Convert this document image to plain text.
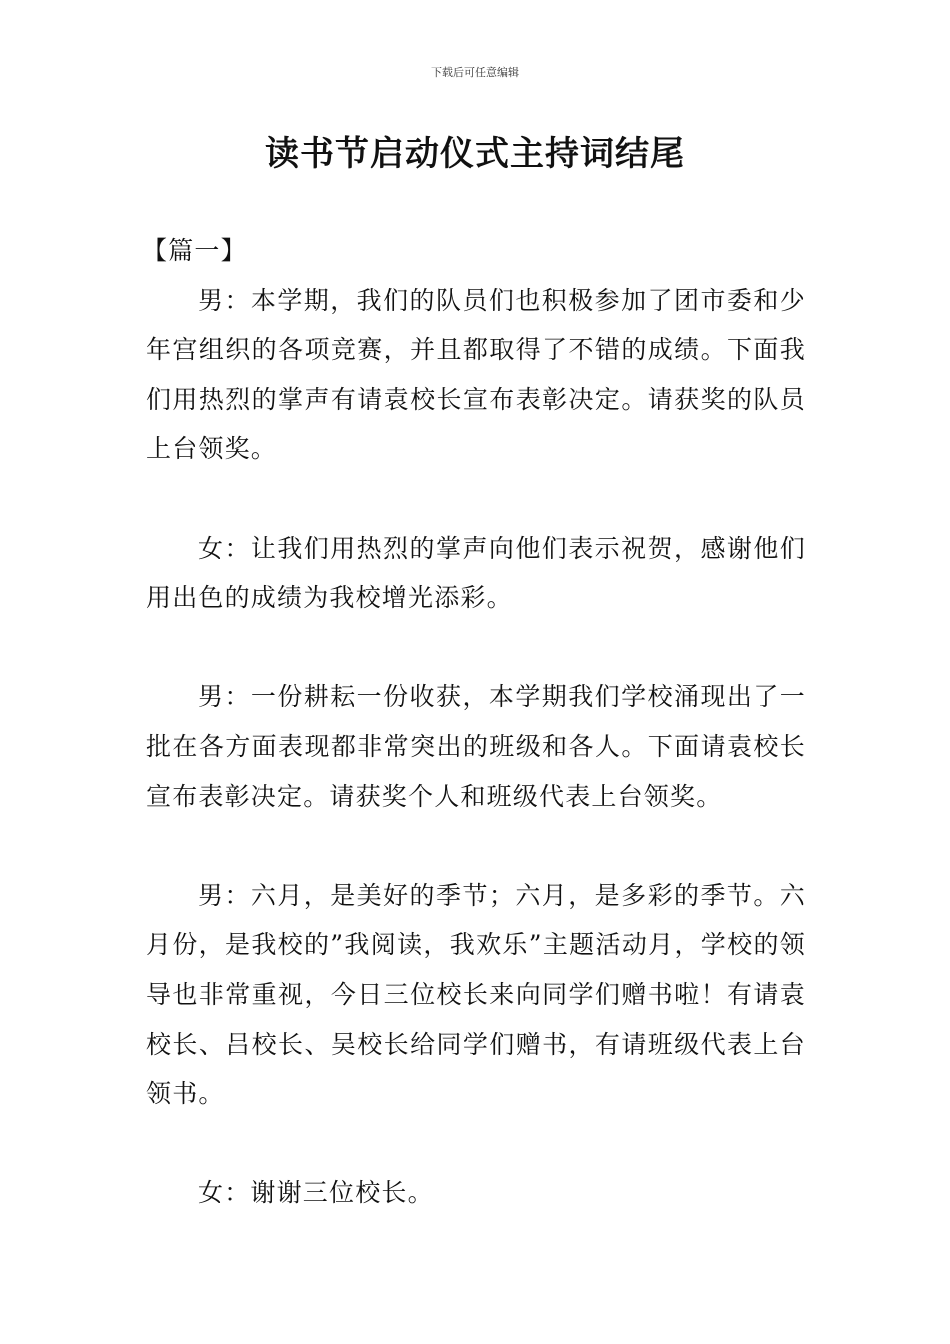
下载后可任意编辑
读书节启动仪式主持词结尾

【篇一】

男：本学期，我们的队员们也积极参加了团市委和少年宫组织的各项竞赛，并且都取得了不错的成绩。下面我们用热烈的掌声有请袁校长宣布表彰决定。请获奖的队员上台领奖。

女：让我们用热烈的掌声向他们表示祝贺，感谢他们用出色的成绩为我校增光添彩。

男：一份耕耘一份收获，本学期我们学校涌现出了一批在各方面表现都非常突出的班级和各人。下面请袁校长宣布表彰决定。请获奖个人和班级代表上台领奖。

男：六月，是美好的季节；六月，是多彩的季节。六月份，是我校的”我阅读，我欢乐”主题活动月，学校的领导也非常重视，今日三位校长来向同学们赠书啦！有请袁校长、吕校长、吴校长给同学们赠书，有请班级代表上台领书。

女：谢谢三位校长。
